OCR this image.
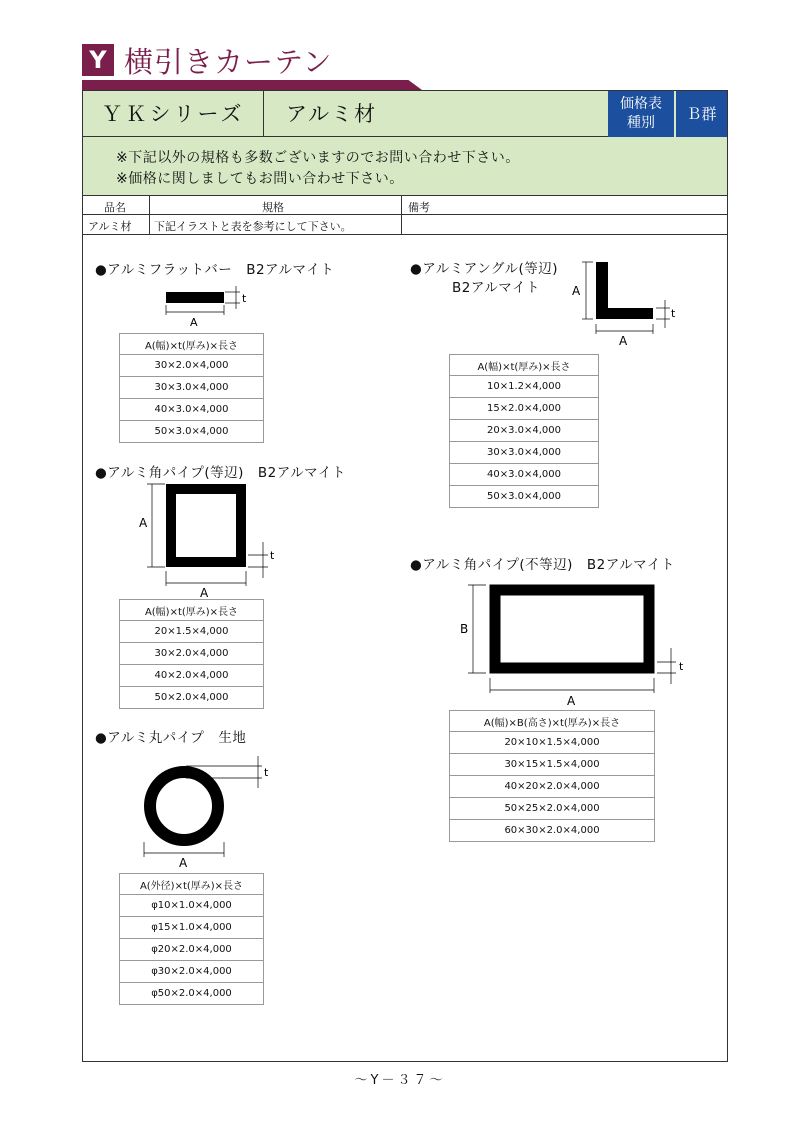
Y 横引きカーテン
ＹＫシリーズ	アルミ材	価格表
種別	Ｂ群
※下記以外の規格も多数ございますのでお問い合わせ下さい。
※価格に関しましてもお問い合わせ下さい。
品名	規格	備考
アルミ材 下記イラストと表を参考にして下さい。
●アルミフラットバー　B2アルマイト
t
A
A(幅)×t(厚み)×長さ
30×2.0×4,000
30×3.0×4,000
40×3.0×4,000
50×3.0×4,000
●アルミ角パイプ(等辺)　B2アルマイト
A
t
A
A(幅)×t(厚み)×長さ
20×1.5×4,000
30×2.0×4,000
40×2.0×4,000
50×2.0×4,000
●アルミ丸パイプ　生地
t
A
A(外径)×t(厚み)×長さ
φ10×1.0×4,000
φ15×1.0×4,000
φ20×2.0×4,000
φ30×2.0×4,000
φ50×2.0×4,000
●アルミアングル(等辺)
B2アルマイト	A
t
A
A(幅)×t(厚み)×長さ
10×1.2×4,000
15×2.0×4,000
20×3.0×4,000
30×3.0×4,000
40×3.0×4,000
50×3.0×4,000
●アルミ角パイプ(不等辺)　B2アルマイト
B
t
A
A(幅)×B(高さ)×t(厚み)×長さ
20×10×1.5×4,000
30×15×1.5×4,000
40×20×2.0×4,000
50×25×2.0×4,000
60×30×2.0×4,000
～Y－３７～
